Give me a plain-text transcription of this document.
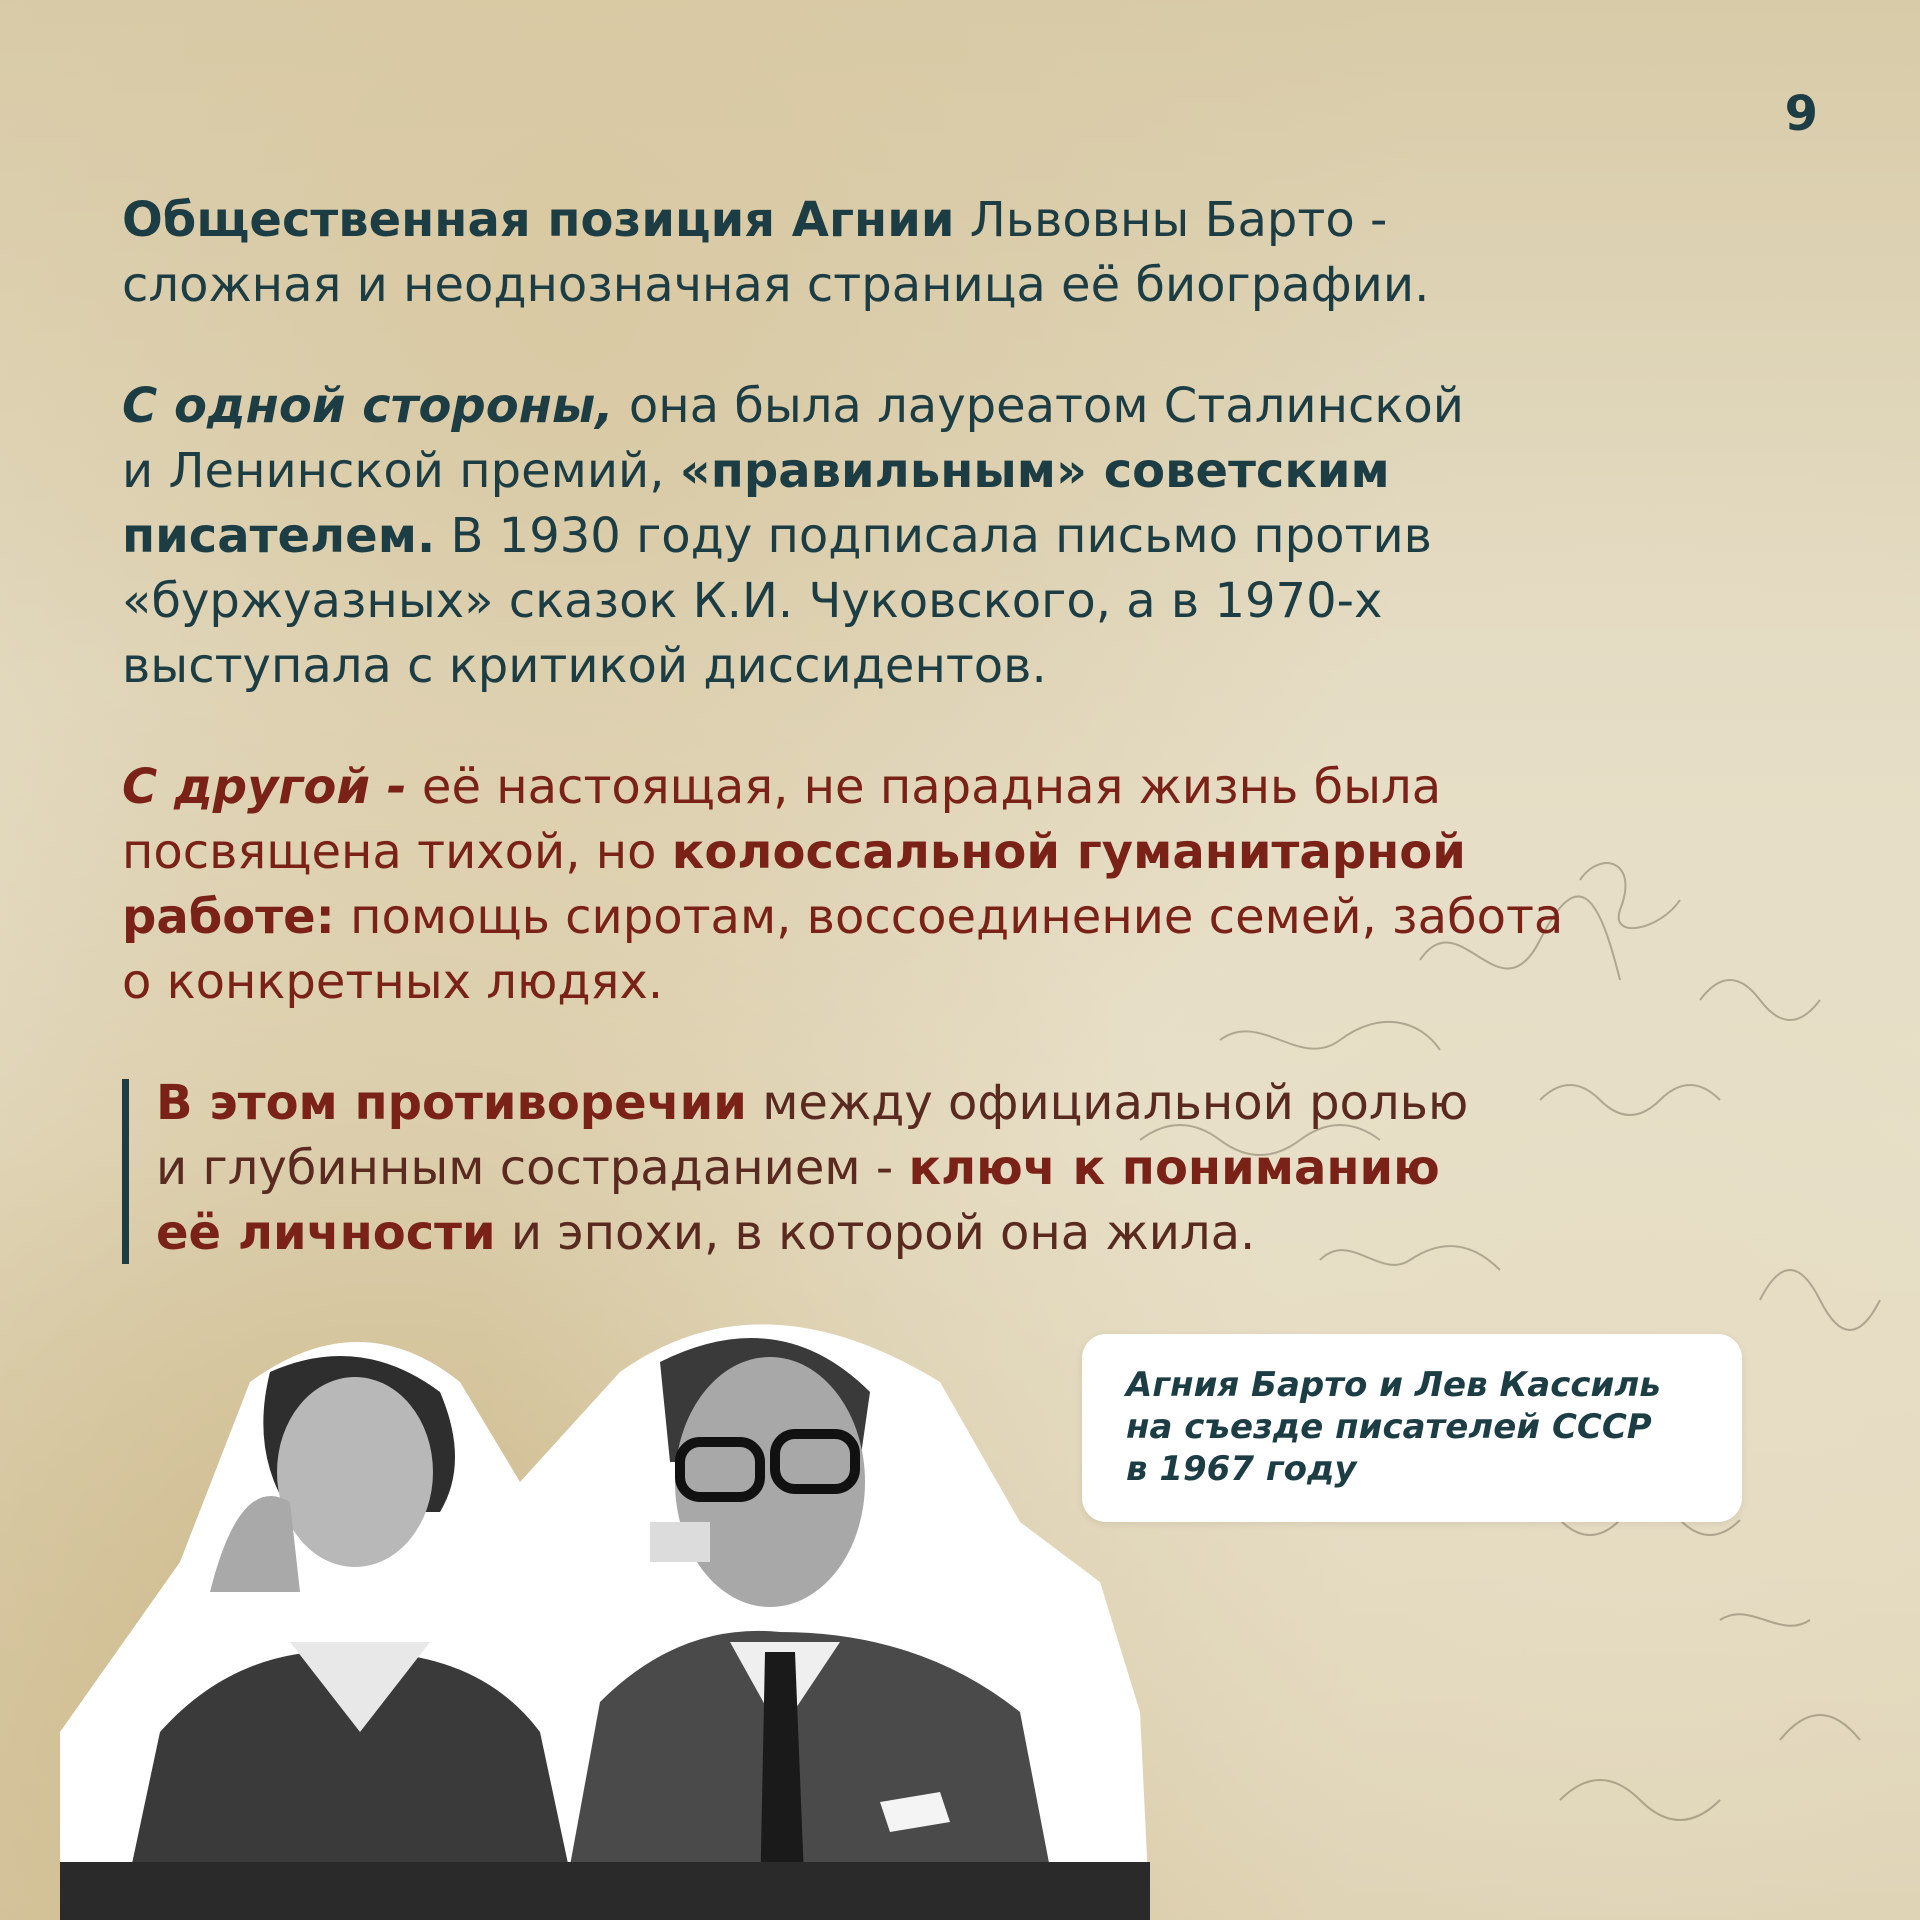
9

Общественная позиция Агнии Львовны Барто -
сложная и неоднозначная страница её биографии.

С одной стороны, она была лауреатом Сталинской
и Ленинской премий, «правильным» советским
писателем. В 1930 году подписала письмо против
«буржуазных» сказок К.И. Чуковского, а в 1970-х
выступала с критикой диссидентов.

С другой - её настоящая, не парадная жизнь была
посвящена тихой, но колоссальной гуманитарной
работе: помощь сиротам, воссоединение семей, забота
о конкретных людях.

В этом противоречии между официальной ролью
и глубинным состраданием - ключ к пониманию
её личности и эпохи, в которой она жила.

Агния Барто и Лев Кассиль
на съезде писателей СССР
в 1967 году
